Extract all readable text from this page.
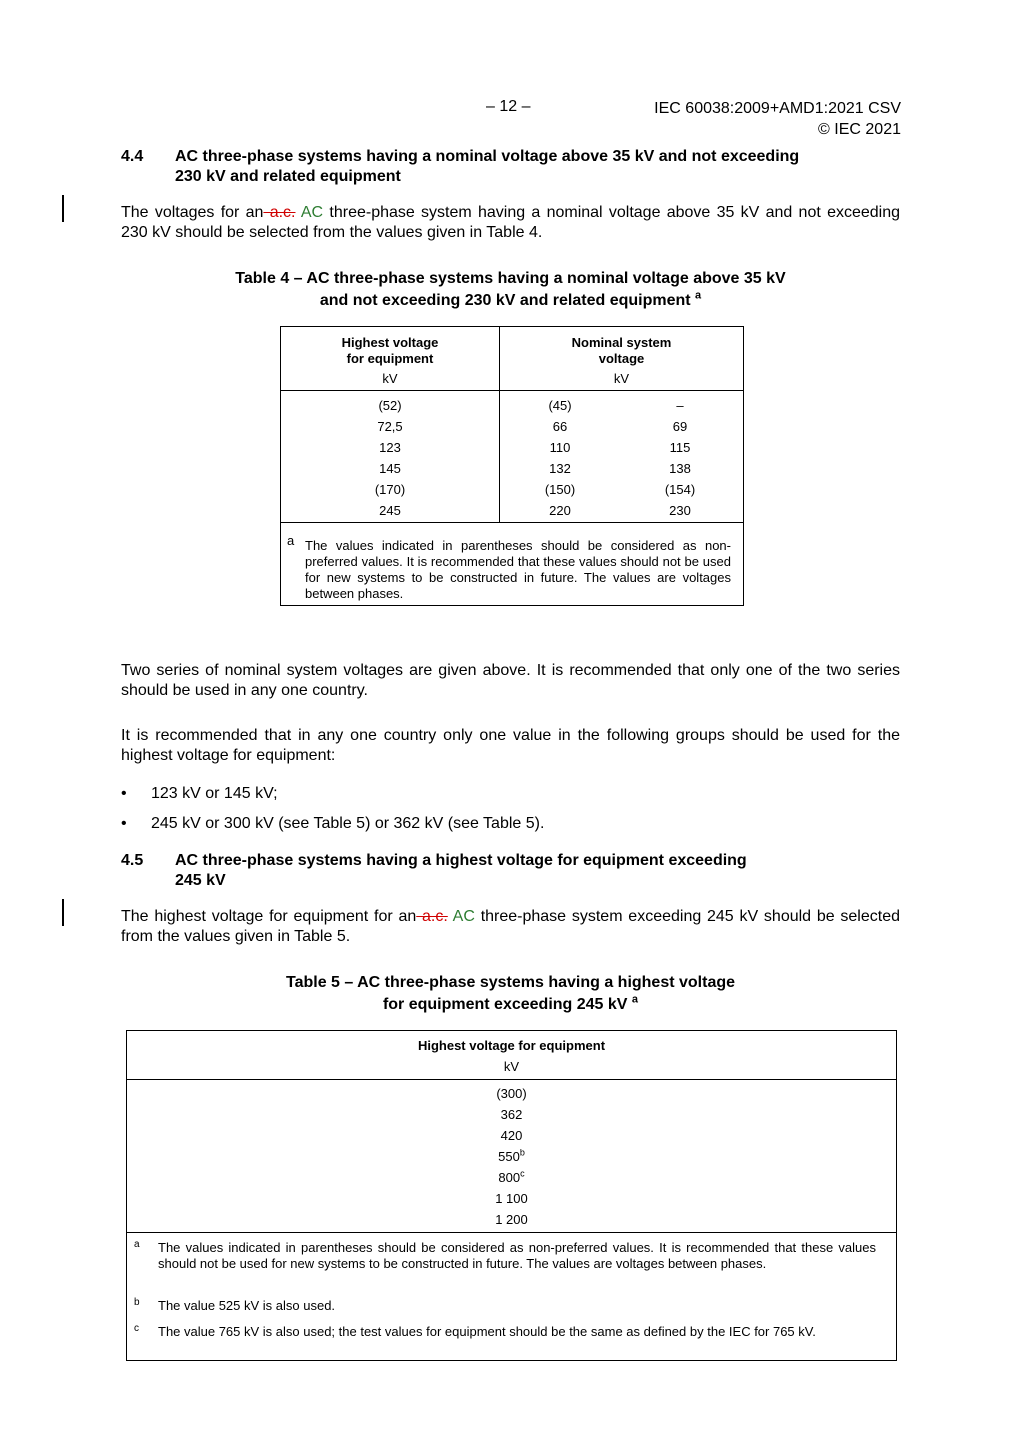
– 12 –	IEC 60038:2009+AMD1:2021 CSV
© IEC 2021
4.4 AC three-phase systems having a nominal voltage above 35 kV and not exceeding
230 kV and related equipment
The voltages for an a.c. AC three-phase system having a nominal voltage above 35 kV and not exceeding 230 kV should be selected from the values given in Table 4.
Table 4 – AC three-phase systems having a nominal voltage above 35 kV
and not exceeding 230 kV and related equipment $^a$
Highest voltage
for equipment
kV
Nominal system
voltage
kV
(52)	(45)	–
72,5	66	69
123	110	115
145	132	138
(170)	(150)	(154)
245	220	230
a The values indicated in parentheses should be considered as non-preferred values. It is recommended that these values should not be used for new systems to be constructed in future. The values are voltages between phases.
Two series of nominal system voltages are given above. It is recommended that only one of the two series should be used in any one country.
It is recommended that in any one country only one value in the following groups should be used for the highest voltage for equipment:
• 123 kV or 145 kV;
• 245 kV or 300 kV (see Table 5) or 362 kV (see Table 5).
4.5 AC three-phase systems having a highest voltage for equipment exceeding
245 kV
The highest voltage for equipment for an a.c. AC three-phase system exceeding 245 kV should be selected from the values given in Table 5.
Table 5 – AC three-phase systems having a highest voltage
for equipment exceeding 245 kV $^a$
Highest voltage for equipment
kV
(300)
362
420
550$^b$
800$^c$
1 100
1 200
a The values indicated in parentheses should be considered as non-preferred values. It is recommended that these values should not be used for new systems to be constructed in future. The values are voltages between phases.
b The value 525 kV is also used.
c The value 765 kV is also used; the test values for equipment should be the same as defined by the IEC for 765 kV.
